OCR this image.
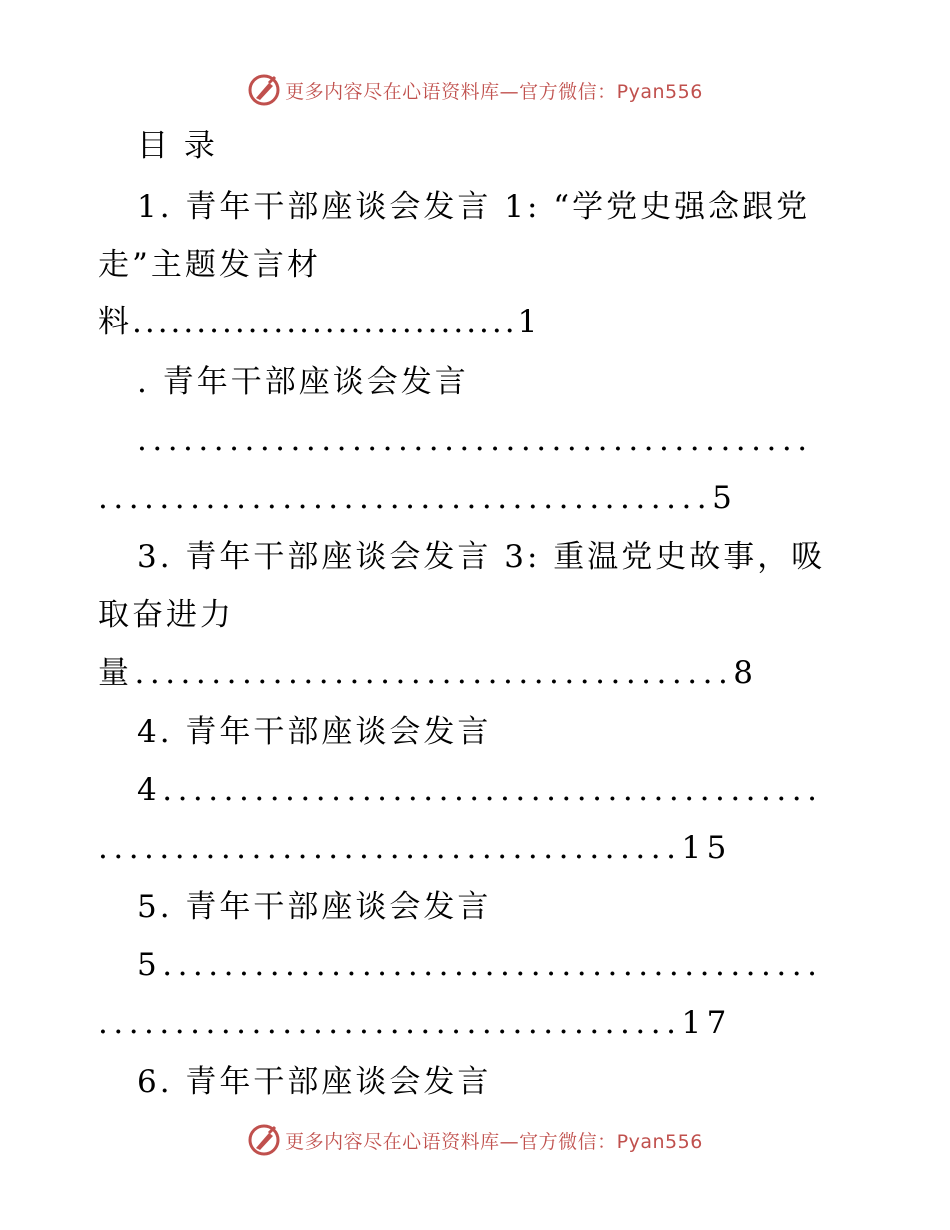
更多内容尽在心语资料库—官方微信：Pyan556
目 录
1. 青年干部座谈会发言 1: “学党史强念跟党
走”主题发言材
料..............................1
. 青年干部座谈会发言
............................................
........................................5
3. 青年干部座谈会发言 3: 重温党史故事，吸
取奋进力
量.......................................8
4. 青年干部座谈会发言
4...........................................
......................................15
5. 青年干部座谈会发言
5...........................................
......................................17
6. 青年干部座谈会发言
更多内容尽在心语资料库—官方微信：Pyan556
